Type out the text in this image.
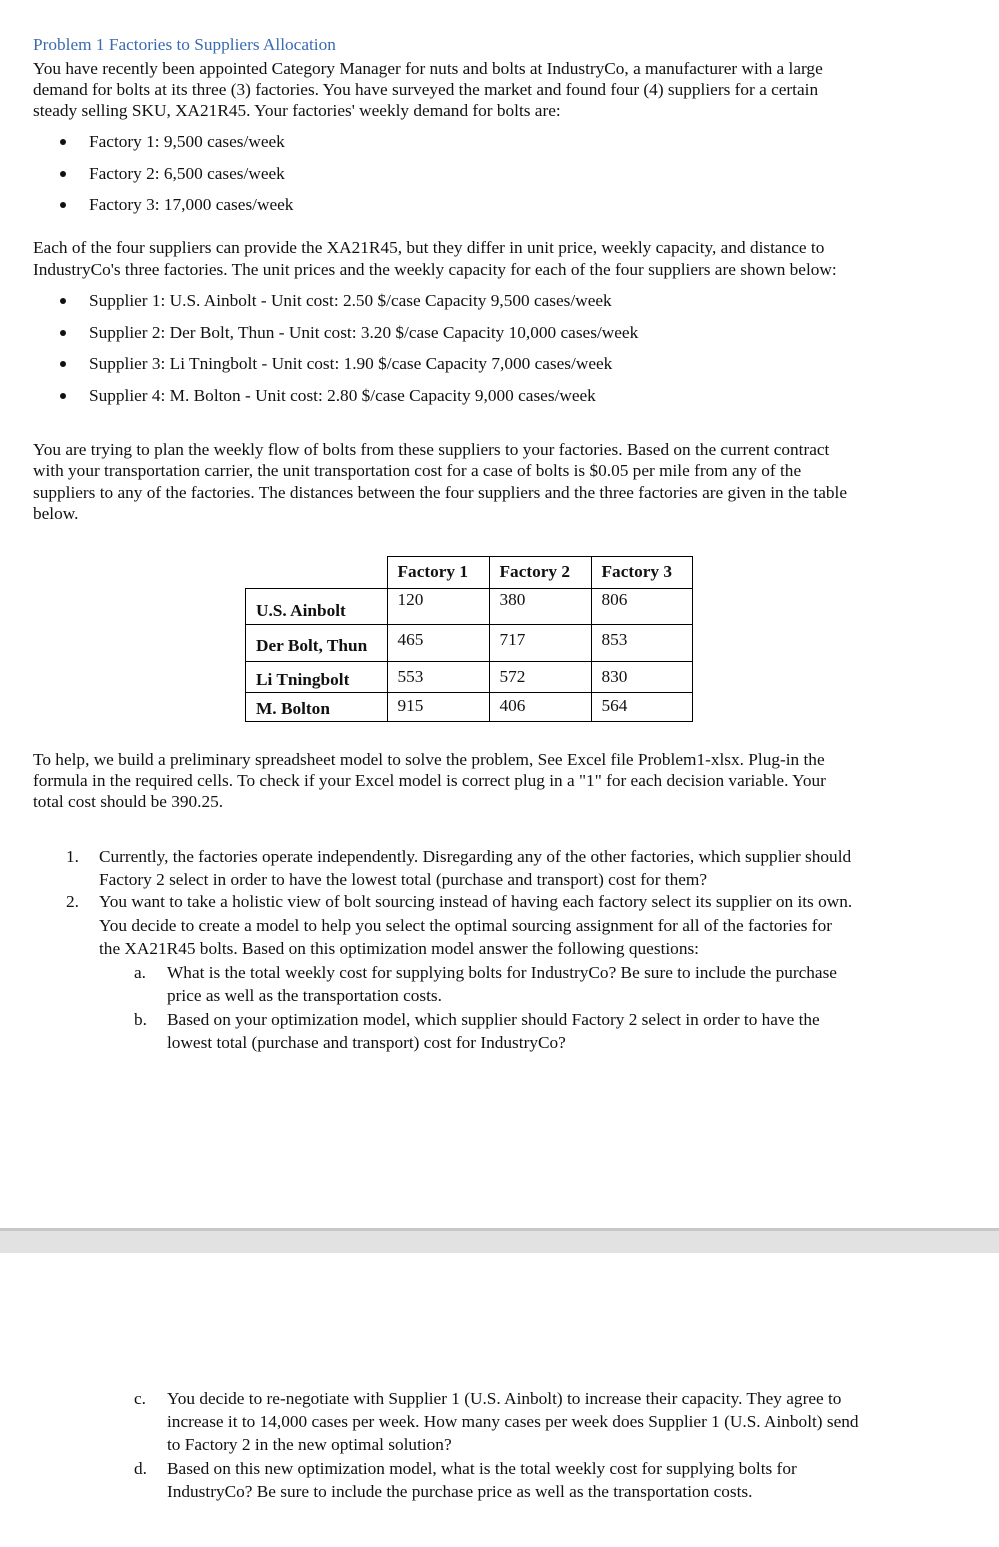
Problem 1 Factories to Suppliers Allocation
You have recently been appointed Category Manager for nuts and bolts at IndustryCo, a manufacturer with a large
demand for bolts at its three (3) factories. You have surveyed the market and found four (4) suppliers for a certain
steady selling SKU, XA21R45. Your factories' weekly demand for bolts are:
Factory 1: 9,500 cases/week
Factory 2: 6,500 cases/week
Factory 3: 17,000 cases/week
Each of the four suppliers can provide the XA21R45, but they differ in unit price, weekly capacity, and distance to
IndustryCo's three factories. The unit prices and the weekly capacity for each of the four suppliers are shown below:
Supplier 1: U.S. Ainbolt - Unit cost: 2.50 $/case Capacity 9,500 cases/week
Supplier 2: Der Bolt, Thun - Unit cost: 3.20 $/case Capacity 10,000 cases/week
Supplier 3: Li Tningbolt - Unit cost: 1.90 $/case Capacity 7,000 cases/week
Supplier 4: M. Bolton - Unit cost: 2.80 $/case Capacity 9,000 cases/week
You are trying to plan the weekly flow of bolts from these suppliers to your factories. Based on the current contract
with your transportation carrier, the unit transportation cost for a case of bolts is $0.05 per mile from any of the
suppliers to any of the factories. The distances between the four suppliers and the three factories are given in the table
below.
	Factory 1	Factory 2	Factory 3
U.S. Ainbolt	120	380	806
Der Bolt, Thun	465	717	853
Li Tningbolt	553	572	830
M. Bolton	915	406	564
To help, we build a preliminary spreadsheet model to solve the problem, See Excel file Problem1-xlsx. Plug-in the
formula in the required cells. To check if your Excel model is correct plug in a "1" for each decision variable. Your
total cost should be 390.25.
1. Currently, the factories operate independently. Disregarding any of the other factories, which supplier should
Factory 2 select in order to have the lowest total (purchase and transport) cost for them?
2. You want to take a holistic view of bolt sourcing instead of having each factory select its supplier on its own.
You decide to create a model to help you select the optimal sourcing assignment for all of the factories for
the XA21R45 bolts. Based on this optimization model answer the following questions:
a. What is the total weekly cost for supplying bolts for IndustryCo? Be sure to include the purchase
price as well as the transportation costs.
b. Based on your optimization model, which supplier should Factory 2 select in order to have the
lowest total (purchase and transport) cost for IndustryCo?
c. You decide to re-negotiate with Supplier 1 (U.S. Ainbolt) to increase their capacity. They agree to
increase it to 14,000 cases per week. How many cases per week does Supplier 1 (U.S. Ainbolt) send
to Factory 2 in the new optimal solution?
d. Based on this new optimization model, what is the total weekly cost for supplying bolts for
IndustryCo? Be sure to include the purchase price as well as the transportation costs.
